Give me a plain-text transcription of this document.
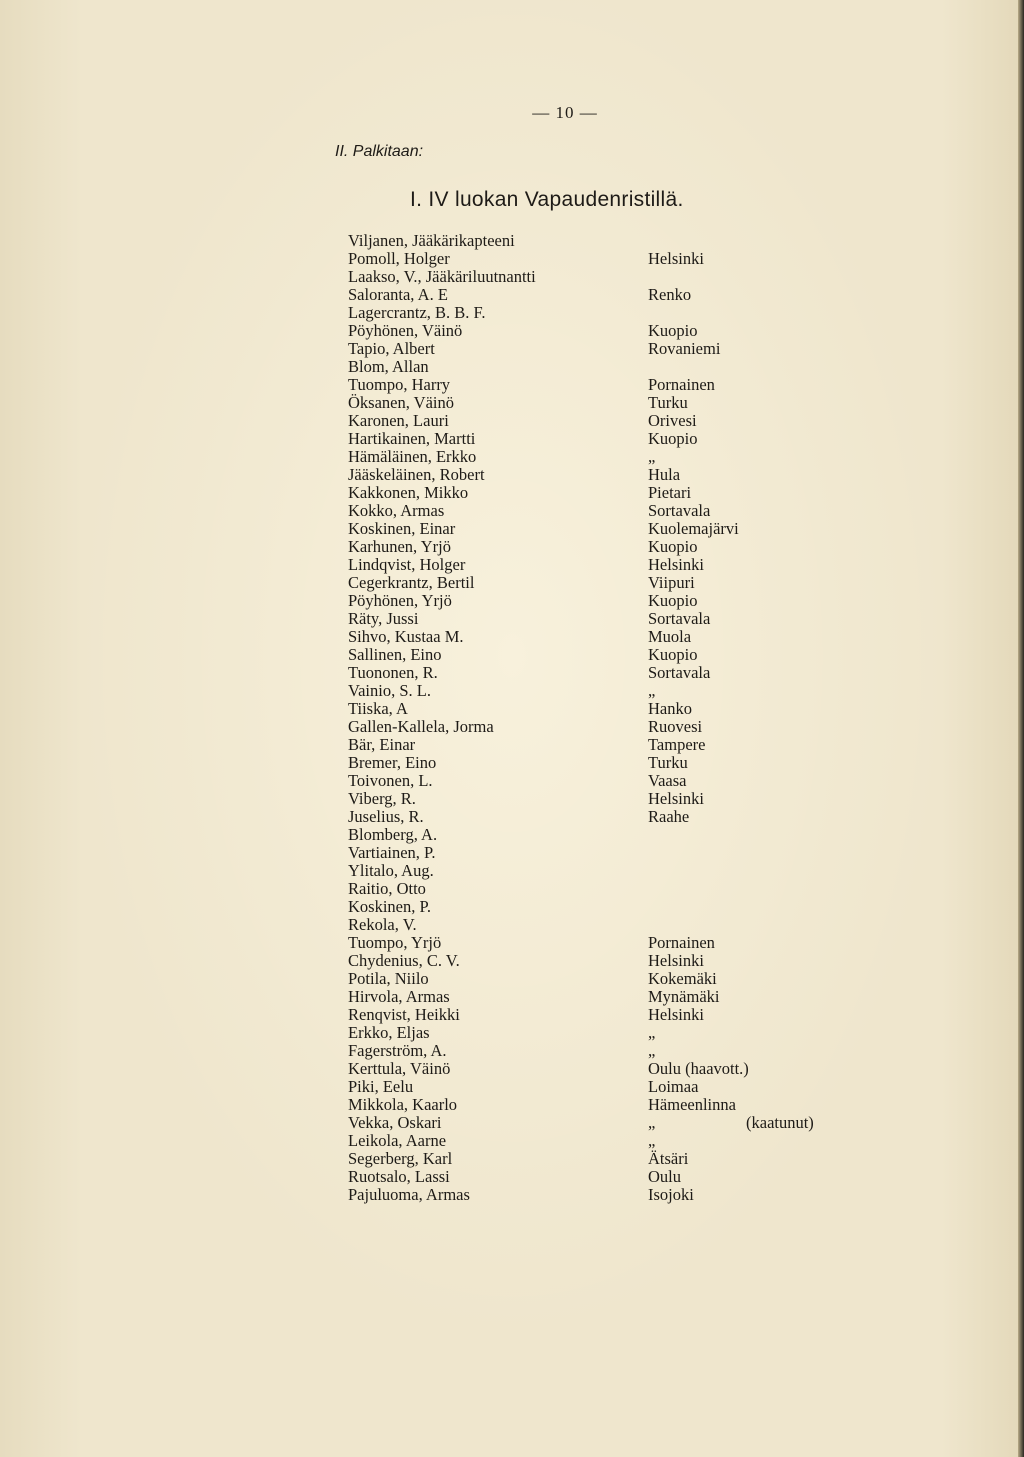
— 10 —
II. Palkitaan:
I. IV luokan Vapaudenristillä.
Viljanen, Jääkärikapteeni
Pomoll, Holger	Helsinki
Laakso, V., Jääkäriluutnantti
Saloranta, A. E	Renko
Lagercrantz, B. B. F.
Pöyhönen, Väinö	Kuopio
Tapio, Albert	Rovaniemi
Blom, Allan
Tuompo, Harry	Pornainen
Öksanen, Väinö	Turku
Karonen, Lauri	Orivesi
Hartikainen, Martti	Kuopio
Hämäläinen, Erkko	„
Jääskeläinen, Robert	Hula
Kakkonen, Mikko	Pietari
Kokko, Armas	Sortavala
Koskinen, Einar	Kuolemajärvi
Karhunen, Yrjö	Kuopio
Lindqvist, Holger	Helsinki
Cegerkrantz, Bertil	Viipuri
Pöyhönen, Yrjö	Kuopio
Räty, Jussi	Sortavala
Sihvo, Kustaa M.	Muola
Sallinen, Eino	Kuopio
Tuononen, R.	Sortavala
Vainio, S. L.	„
Tiiska, A	Hanko
Gallen-Kallela, Jorma	Ruovesi
Bär, Einar	Tampere
Bremer, Eino	Turku
Toivonen, L.	Vaasa
Viberg, R.	Helsinki
Juselius, R.	Raahe
Blomberg, A.
Vartiainen, P.
Ylitalo, Aug.
Raitio, Otto
Koskinen, P.
Rekola, V.
Tuompo, Yrjö	Pornainen
Chydenius, C. V.	Helsinki
Potila, Niilo	Kokemäki
Hirvola, Armas	Mynämäki
Renqvist, Heikki	Helsinki
Erkko, Eljas	„
Fagerström, A.	„
Kerttula, Väinö	Oulu (haavott.)
Piki, Eelu	Loimaa
Mikkola, Kaarlo	Hämeenlinna
Vekka, Oskari	„	(kaatunut)
Leikola, Aarne	„
Segerberg, Karl	Ätsäri
Ruotsalo, Lassi	Oulu
Pajuluoma, Armas	Isojoki
